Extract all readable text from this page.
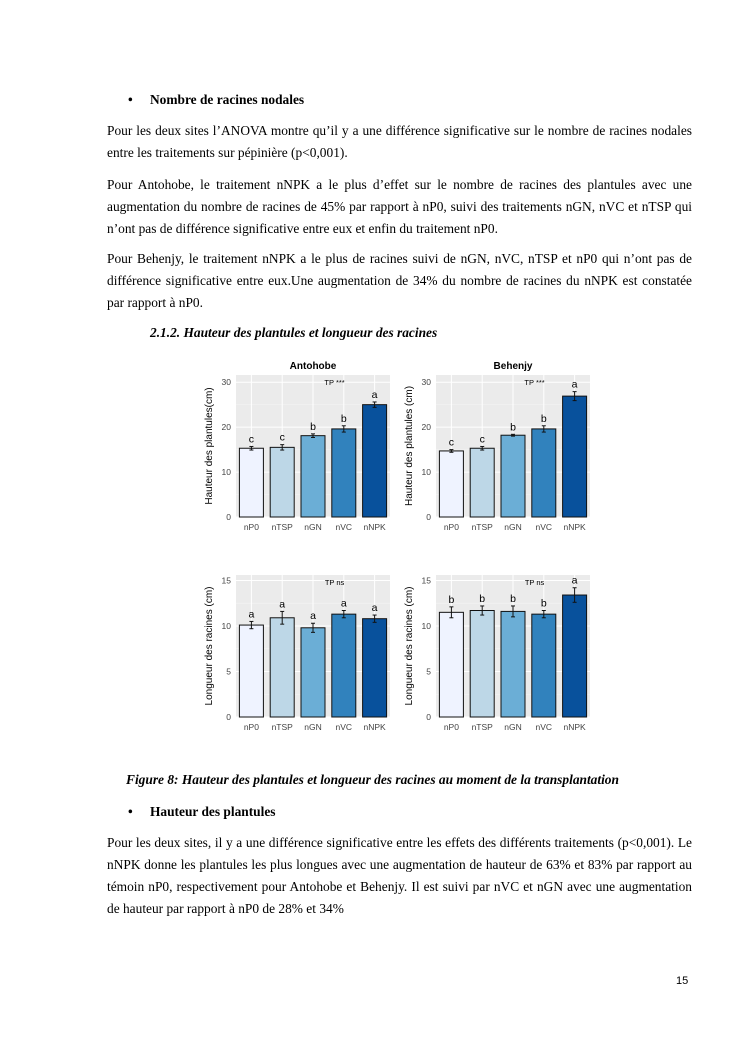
• Nombre de racines nodales
Pour les deux sites l’ANOVA montre qu’il y a une différence significative sur le nombre de racines nodales entre les traitements sur pépinière (p<0,001).
Pour Antohobe, le traitement nNPK a le plus d’effet sur le nombre de racines des plantules avec une augmentation du nombre de racines de 45% par rapport à nP0, suivi des traitements nGN, nVC et nTSP qui n’ont pas de différence significative entre eux et enfin du traitement nP0.
Pour Behenjy, le traitement nNPK a le plus de racines suivi de nGN, nVC, nTSP et nP0 qui n’ont pas de différence significative entre eux.Une augmentation de 34% du nombre de racines du nNPK est constatée par rapport à nP0.
2.1.2. Hauteur des plantules et longueur des racines
Antohobe
0
10
20
30
Hauteur des plantules(cm)	c
nP0
c
nTSP
b
nGN
b
nVC
a
nNPK
TP ***
Behenjy
0
10
20
30
Hauteur des plantules (cm)	c
nP0
c
nTSP
b
nGN
b
nVC
a
nNPK
TP ***
0
5
10
15
Longueur des racines (cm)	a
nP0
a
nTSP
a
nGN
a
nVC
a
nNPK
TP ns
0
5
10
15
Longueur des racines (cm)	b
nP0
b
nTSP
b
nGN
b
nVC
a
nNPK
TP ns
Figure 8: Hauteur des plantules et longueur des racines au moment de la transplantation
• Hauteur des plantules
Pour les deux sites, il y a une différence significative entre les effets des différents traitements (p<0,001). Le nNPK donne les plantules les plus longues avec une augmentation de hauteur de 63% et 83% par rapport au témoin nP0, respectivement pour Antohobe et Behenjy. Il est suivi par nVC et nGN avec une augmentation de hauteur par rapport à nP0 de 28% et 34%
15
